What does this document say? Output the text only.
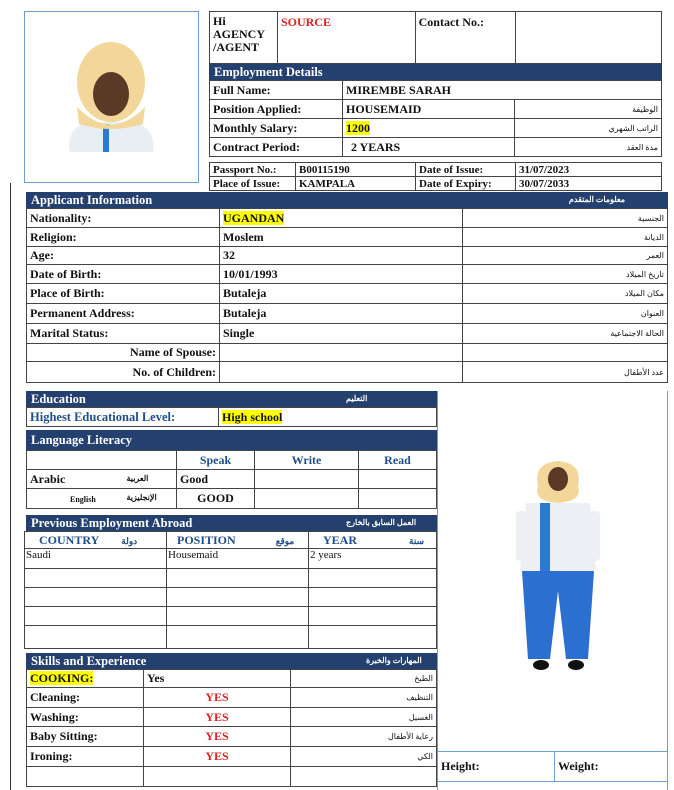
Hi AGENCY /AGENT	SOURCE	Contact No.:	
Employment Details
Full Name:	MIREMBE SARAH	
Position Applied:	HOUSEMAID	الوظيفة
Monthly Salary:	1200	الراتب الشهري
Contract Period:	2 YEARS	مدة العقد
Passport No.:	B00115190	Date of Issue:	31/07/2023
Place of Issue:	KAMPALA	Date of Expiry:	30/07/2033
Applicant Information	معلومات المتقدم
Nationality:	UGANDAN	الجنسية
Religion:	Moslem	الديانة
Age:	32	العمر
Date of Birth:	10/01/1993	تاريخ الميلاد
Place of Birth:	Butaleja	مكان الميلاد
Permanent Address:	Butaleja	العنوان
Marital Status:	Single	الحالة الاجتماعية
Name of Spouse:		
No. of Children:		عدد الأطفال
Education	التعليم
Highest Educational Level:	High school
Language Literacy
	Speak	Write	Read
Arabic العربية	Good		
English الإنجليزية	GOOD		
Previous Employment Abroad	العمل السابق بالخارج
COUNTRY دولة	POSITION موقع	YEAR سنة
Saudi	Housemaid	2 years

Skills and Experience	المهارات والخبرة
COOKING:	Yes	الطبخ
Cleaning:	YES	التنظيف
Washing:	YES	الغسيل
Baby Sitting:	YES	رعاية الأطفال
Ironing:	YES	الكي

Height:	Weight:
